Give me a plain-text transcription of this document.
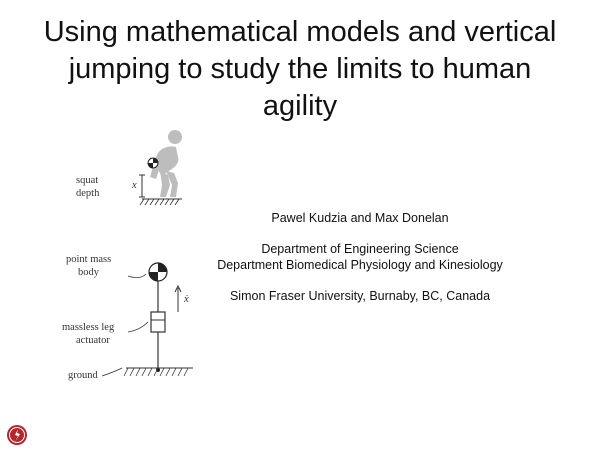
Using mathematical models and vertical
jumping to study the limits to human
agility
squat
depth
x
point mass
body
massless leg
actuator
ground
ẋ
Pawel Kudzia and Max Donelan
Department of Engineering Science
Department Biomedical Physiology and Kinesiology
Simon Fraser University, Burnaby, BC, Canada
